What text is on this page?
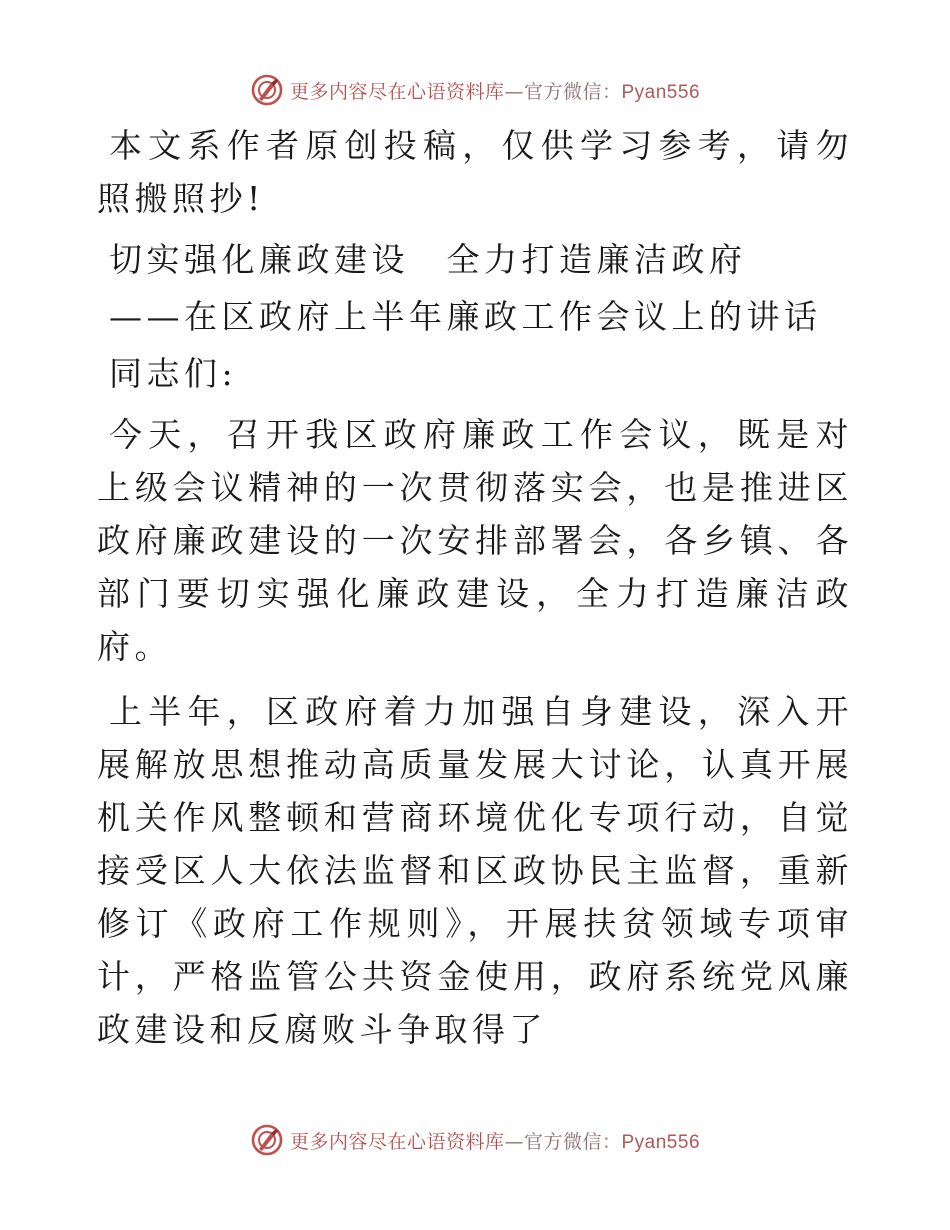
更多内容尽在心语资料库—官方微信：Pyan556

本文系作者原创投稿，仅供学习参考，请勿照搬照抄!

切实强化廉政建设　全力打造廉洁政府

——在区政府上半年廉政工作会议上的讲话

同志们:

今天，召开我区政府廉政工作会议，既是对上级会议精神的一次贯彻落实会，也是推进区政府廉政建设的一次安排部署会，各乡镇、各部门要切实强化廉政建设，全力打造廉洁政府。

上半年，区政府着力加强自身建设，深入开展解放思想推动高质量发展大讨论，认真开展机关作风整顿和营商环境优化专项行动，自觉接受区人大依法监督和区政协民主监督，重新修订《政府工作规则》，开展扶贫领域专项审计，严格监管公共资金使用，政府系统党风廉政建设和反腐败斗争取得了

更多内容尽在心语资料库—官方微信：Pyan556
